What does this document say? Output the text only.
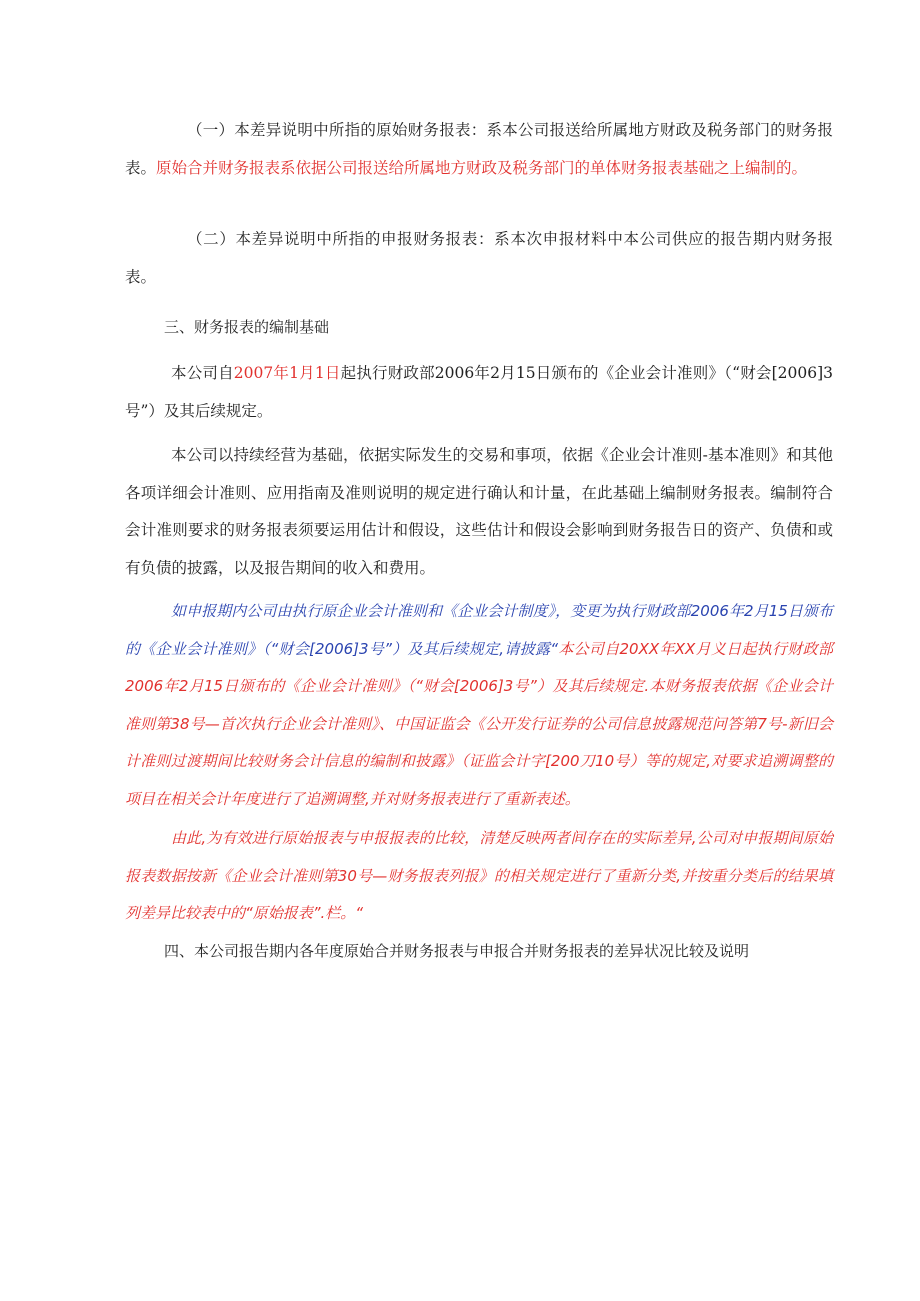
（一）本差异说明中所指的原始财务报表：系本公司报送给所属地方财政及税务部门的财务报表。原始合并财务报表系依据公司报送给所属地方财政及税务部门的单体财务报表基础之上编制的。

（二）本差异说明中所指的申报财务报表：系本次申报材料中本公司供应的报告期内财务报表。

三、财务报表的编制基础

本公司自2007年1月1日起执行财政部2006年2月15日颁布的《企业会计准则》（“财会[2006]3号”）及其后续规定。

本公司以持续经营为基础，依据实际发生的交易和事项，依据《企业会计准则-基本准则》和其他各项详细会计准则、应用指南及准则说明的规定进行确认和计量，在此基础上编制财务报表。编制符合会计准则要求的财务报表须要运用估计和假设，这些估计和假设会影响到财务报告日的资产、负债和或有负债的披露，以及报告期间的收入和费用。

如申报期内公司由执行原企业会计准则和《企业会计制度》，变更为执行财政部2006年2月15日颁布的《企业会计准则》（“财会[2006]3号”）及其后续规定,请披露“本公司自20XX年XX月义日起执行财政部2006年2月15日颁布的《企业会计准则》（“财会[2006]3号”）及其后续规定.本财务报表依据《企业会计准则第38号—首次执行企业会计准则》、中国证监会《公开发行证券的公司信息披露规范问答第7号-新旧会计准则过渡期间比较财务会计信息的编制和披露》（证监会计字[200刀10号）等的规定,对要求追溯调整的项目在相关会计年度进行了追溯调整,并对财务报表进行了重新表述。

由此,为有效进行原始报表与申报报表的比较，清楚反映两者间存在的实际差异,公司对申报期间原始报表数据按新《企业会计准则第30号—财务报表列报》的相关规定进行了重新分类,并按重分类后的结果填列差异比较表中的“原始报表”.栏。“

四、本公司报告期内各年度原始合并财务报表与申报合并财务报表的差异状况比较及说明
